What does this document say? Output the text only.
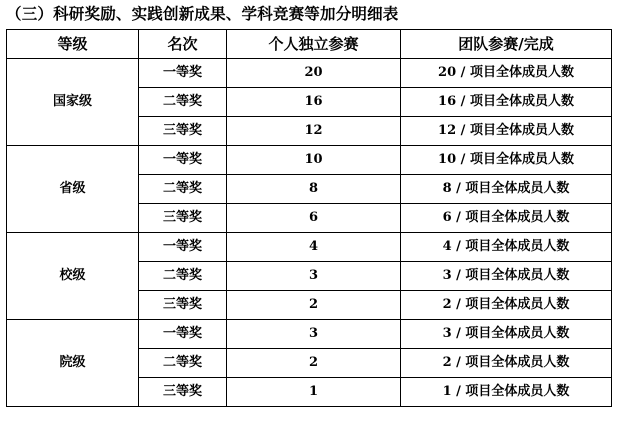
（三）科研奖励、实践创新成果、学科竞赛等加分明细表
等级	名次	个人独立参赛	团队参赛/完成
国家级	一等奖	20	20 / 项目全体成员人数
	二等奖	16	16 / 项目全体成员人数
	三等奖	12	12 / 项目全体成员人数
省级	一等奖	10	10 / 项目全体成员人数
	二等奖	8	8 / 项目全体成员人数
	三等奖	6	6 / 项目全体成员人数
校级	一等奖	4	4 / 项目全体成员人数
	二等奖	3	3 / 项目全体成员人数
	三等奖	2	2 / 项目全体成员人数
院级	一等奖	3	3 / 项目全体成员人数
	二等奖	2	2 / 项目全体成员人数
	三等奖	1	1 / 项目全体成员人数
